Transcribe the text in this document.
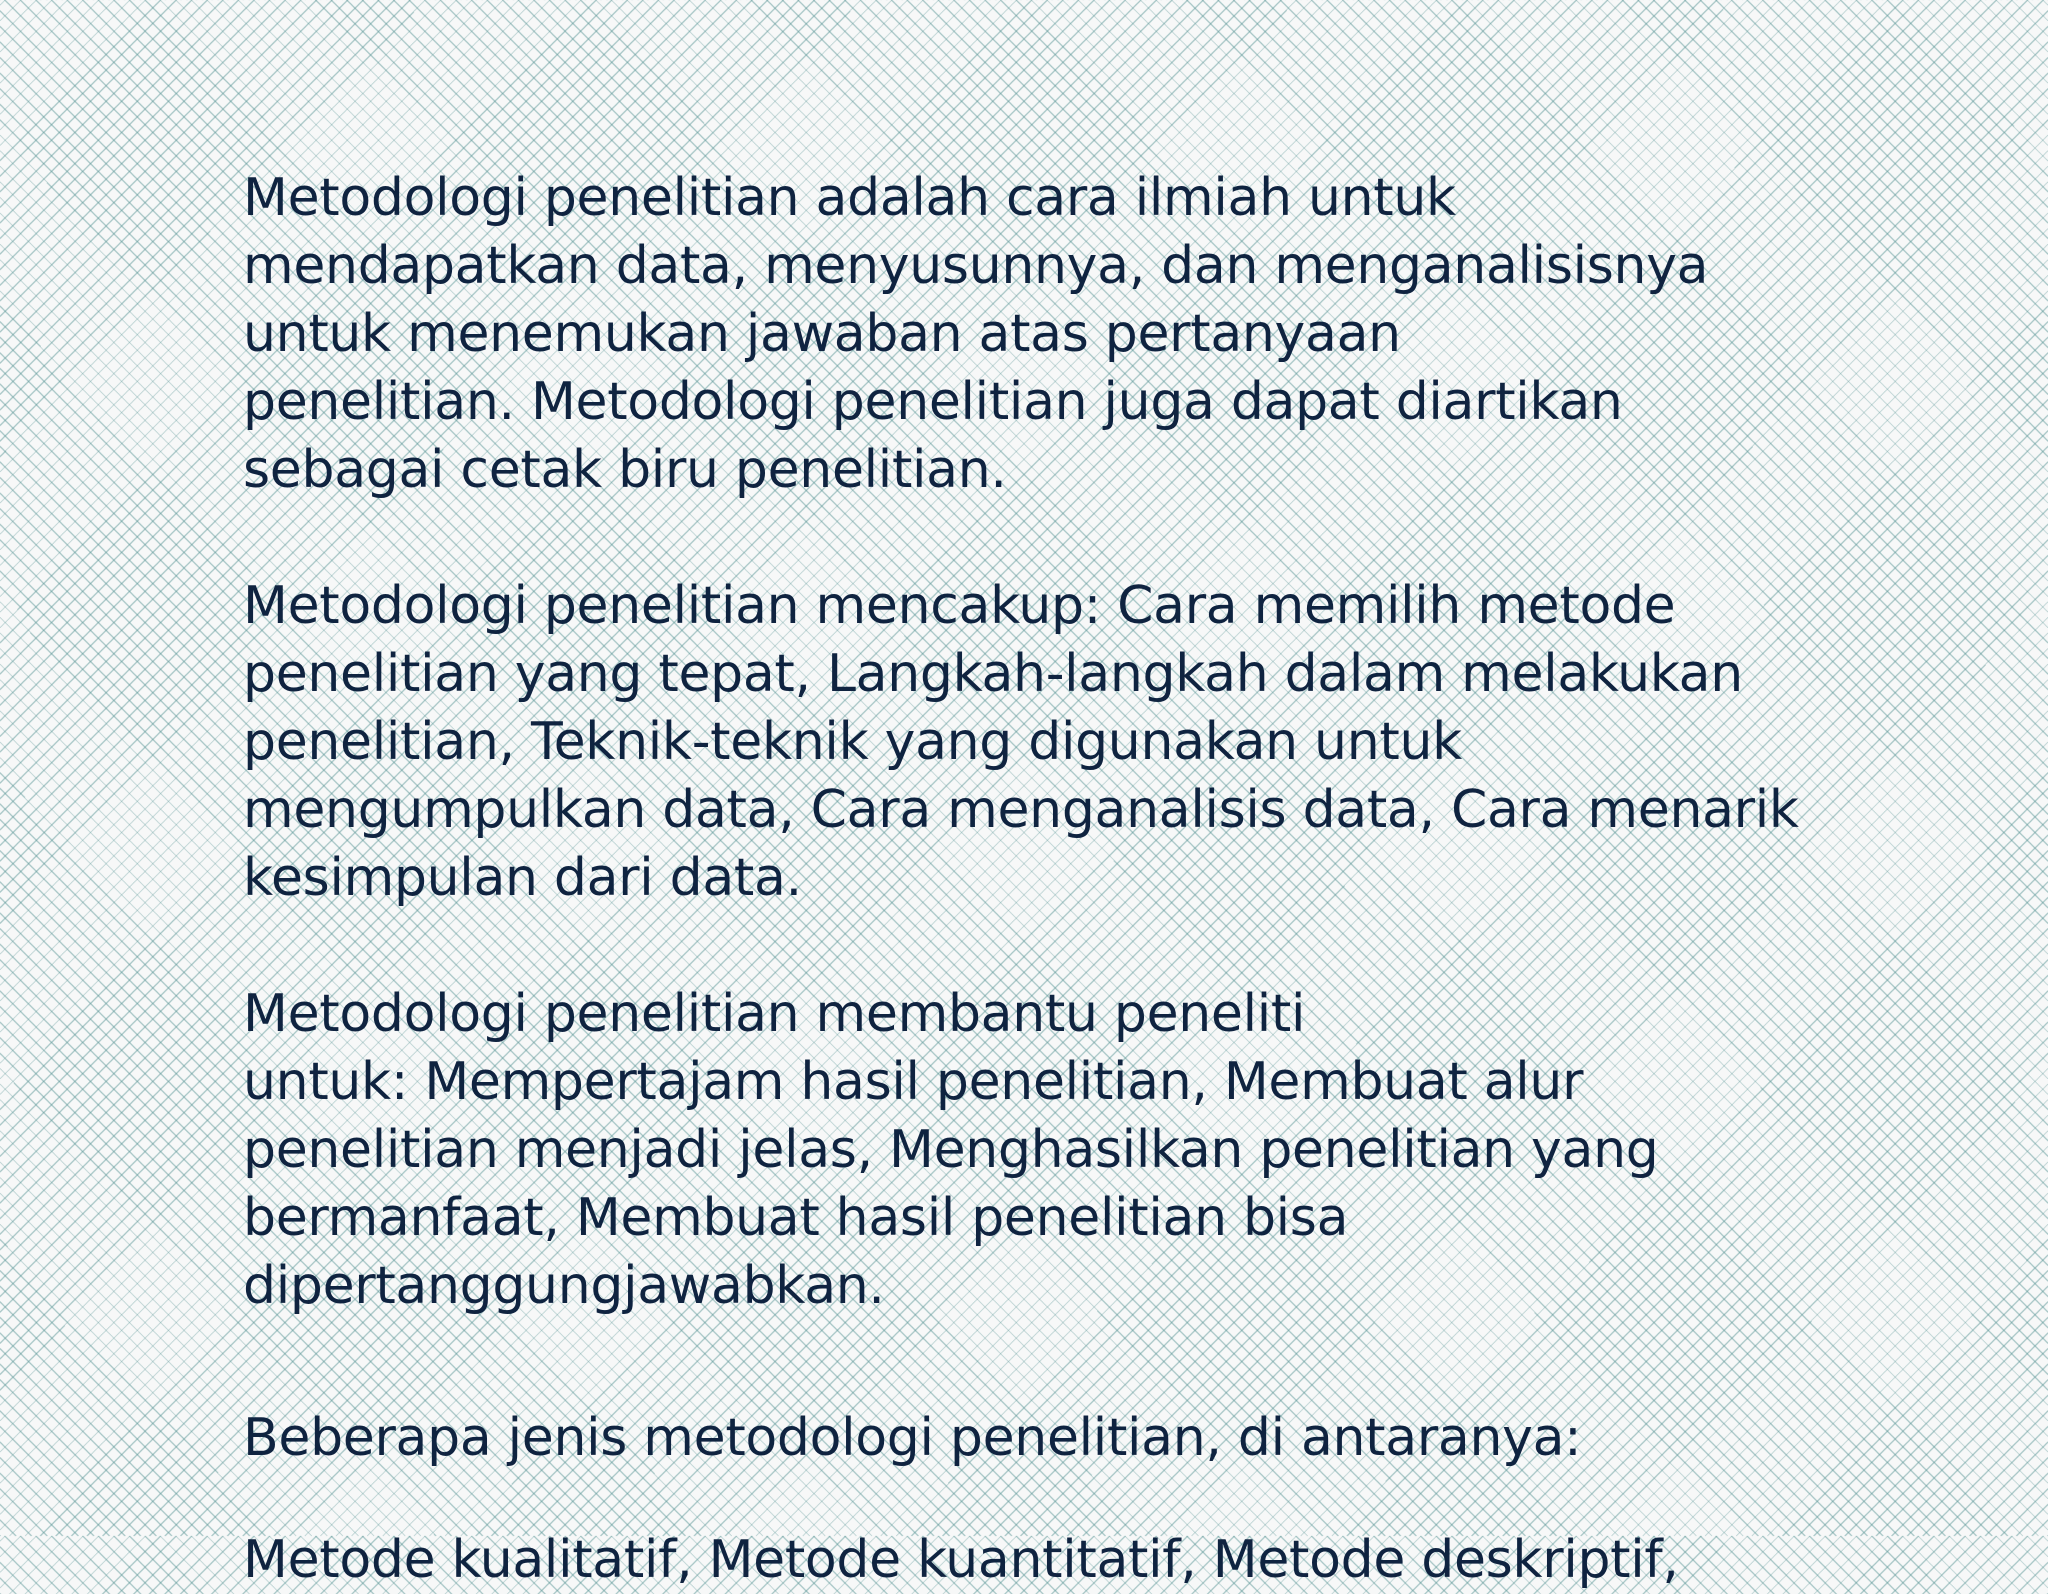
Metodologi penelitian adalah cara ilmiah untuk
mendapatkan data, menyusunnya, dan menganalisisnya
untuk menemukan jawaban atas pertanyaan
penelitian. Metodologi penelitian juga dapat diartikan
sebagai cetak biru penelitian.

Metodologi penelitian mencakup: Cara memilih metode
penelitian yang tepat, Langkah-langkah dalam melakukan
penelitian, Teknik-teknik yang digunakan untuk
mengumpulkan data, Cara menganalisis data, Cara menarik
kesimpulan dari data.

Metodologi penelitian membantu peneliti
untuk: Mempertajam hasil penelitian, Membuat alur
penelitian menjadi jelas, Menghasilkan penelitian yang
bermanfaat, Membuat hasil penelitian bisa
dipertanggungjawabkan.

Beberapa jenis metodologi penelitian, di antaranya:

Metode kualitatif, Metode kuantitatif, Metode deskriptif,
